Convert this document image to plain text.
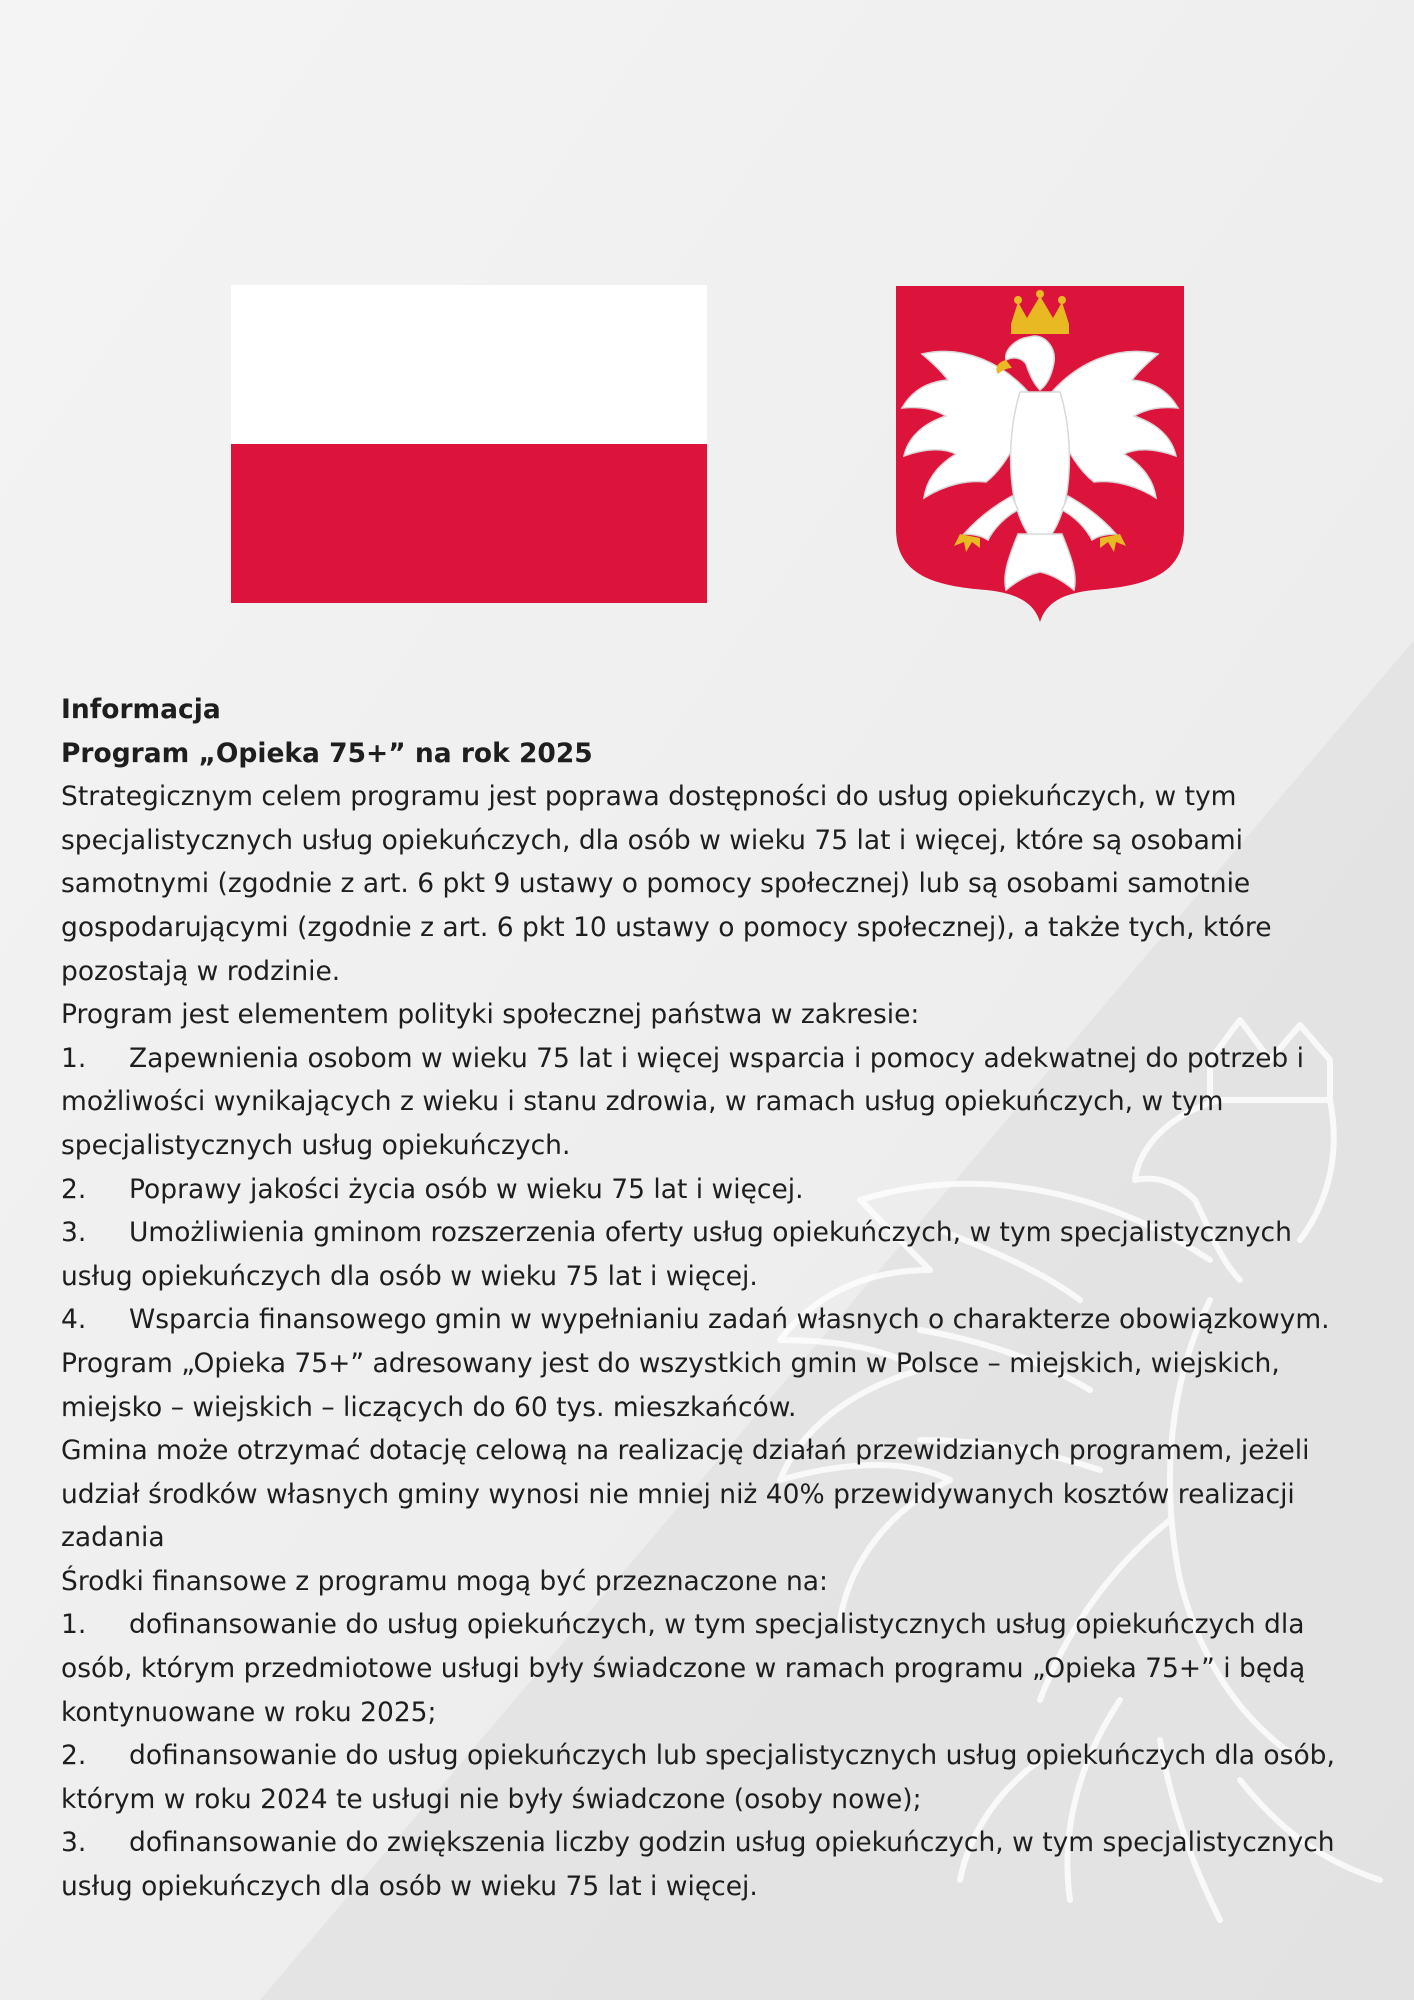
Informacja

Program „Opieka 75+” na rok 2025

Strategicznym celem programu jest poprawa dostępności do usług opiekuńczych, w tym specjalistycznych usług opiekuńczych, dla osób w wieku 75 lat i więcej, które są osobami samotnymi (zgodnie z art. 6 pkt 9 ustawy o pomocy społecznej) lub są osobami samotnie gospodarującymi (zgodnie z art. 6 pkt 10 ustawy o pomocy społecznej), a także tych, które pozostają w rodzinie.

Program jest elementem polityki społecznej państwa w zakresie:

1. Zapewnienia osobom w wieku 75 lat i więcej wsparcia i pomocy adekwatnej do potrzeb i możliwości wynikających z wieku i stanu zdrowia, w ramach usług opiekuńczych, w tym specjalistycznych usług opiekuńczych.

2. Poprawy jakości życia osób w wieku 75 lat i więcej.

3. Umożliwienia gminom rozszerzenia oferty usług opiekuńczych, w tym specjalistycznych usług opiekuńczych dla osób w wieku 75 lat i więcej.

4. Wsparcia finansowego gmin w wypełnianiu zadań własnych o charakterze obowiązkowym.

Program „Opieka 75+” adresowany jest do wszystkich gmin w Polsce – miejskich, wiejskich, miejsko – wiejskich – liczących do 60 tys. mieszkańców.

Gmina może otrzymać dotację celową na realizację działań przewidzianych programem, jeżeli udział środków własnych gminy wynosi nie mniej niż 40% przewidywanych kosztów realizacji zadania

Środki finansowe z programu mogą być przeznaczone na:

1. dofinansowanie do usług opiekuńczych, w tym specjalistycznych usług opiekuńczych dla osób, którym przedmiotowe usługi były świadczone w ramach programu „Opieka 75+” i będą kontynuowane w roku 2025;

2. dofinansowanie do usług opiekuńczych lub specjalistycznych usług opiekuńczych dla osób, którym w roku 2024 te usługi nie były świadczone (osoby nowe);

3. dofinansowanie do zwiększenia liczby godzin usług opiekuńczych, w tym specjalistycznych usług opiekuńczych dla osób w wieku 75 lat i więcej.
